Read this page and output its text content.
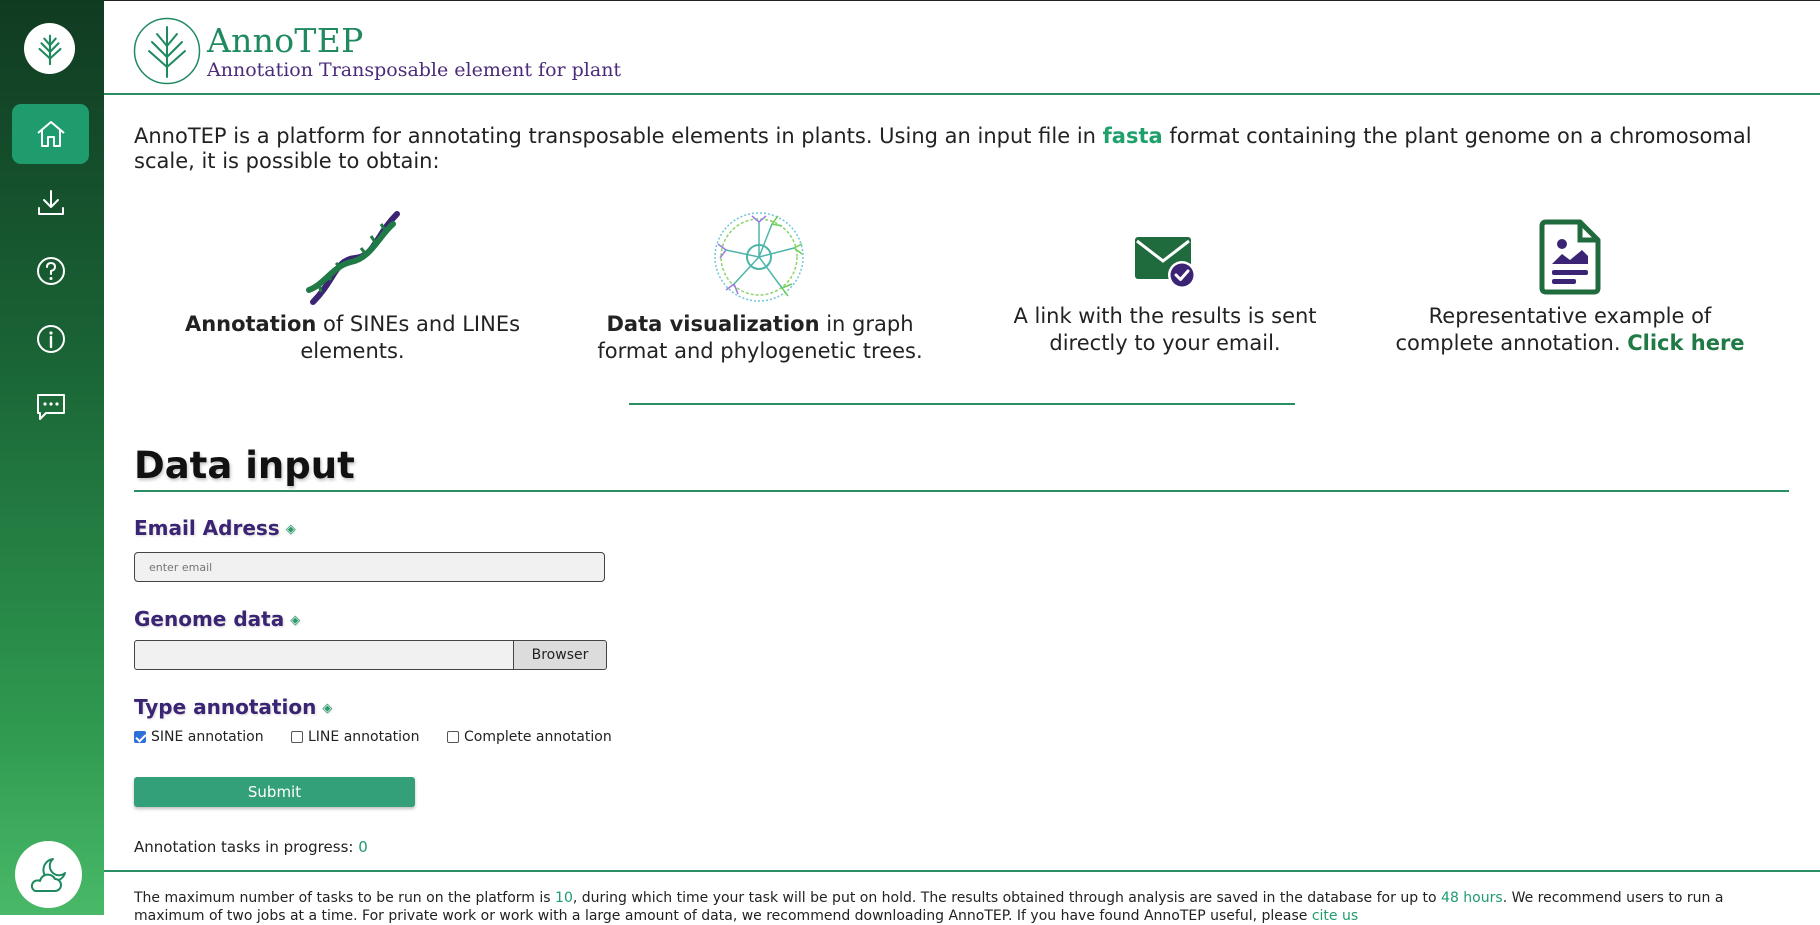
AnnoTEP
Annotation Transposable element for plant
AnnoTEP is a platform for annotating transposable elements in plants. Using an input file in fasta format containing the plant genome on a chromosomal scale, it is possible to obtain:
Annotation of SINEs and LINEs elements.
Data visualization in graph format and phylogenetic trees.
A link with the results is sent directly to your email.
Representative example of complete annotation. Click here
Data input
Email Adress ◈
enter email
Genome data ◈
Browser
Type annotation ◈
SINE annotation	LINE annotation	Complete annotation
Submit
Annotation tasks in progress: 0
The maximum number of tasks to be run on the platform is 10, during which time your task will be put on hold. The results obtained through analysis are saved in the database for up to 48 hours. We recommend users to run a maximum of two jobs at a time. For private work or work with a large amount of data, we recommend downloading AnnoTEP. If you have found AnnoTEP useful, please cite us
